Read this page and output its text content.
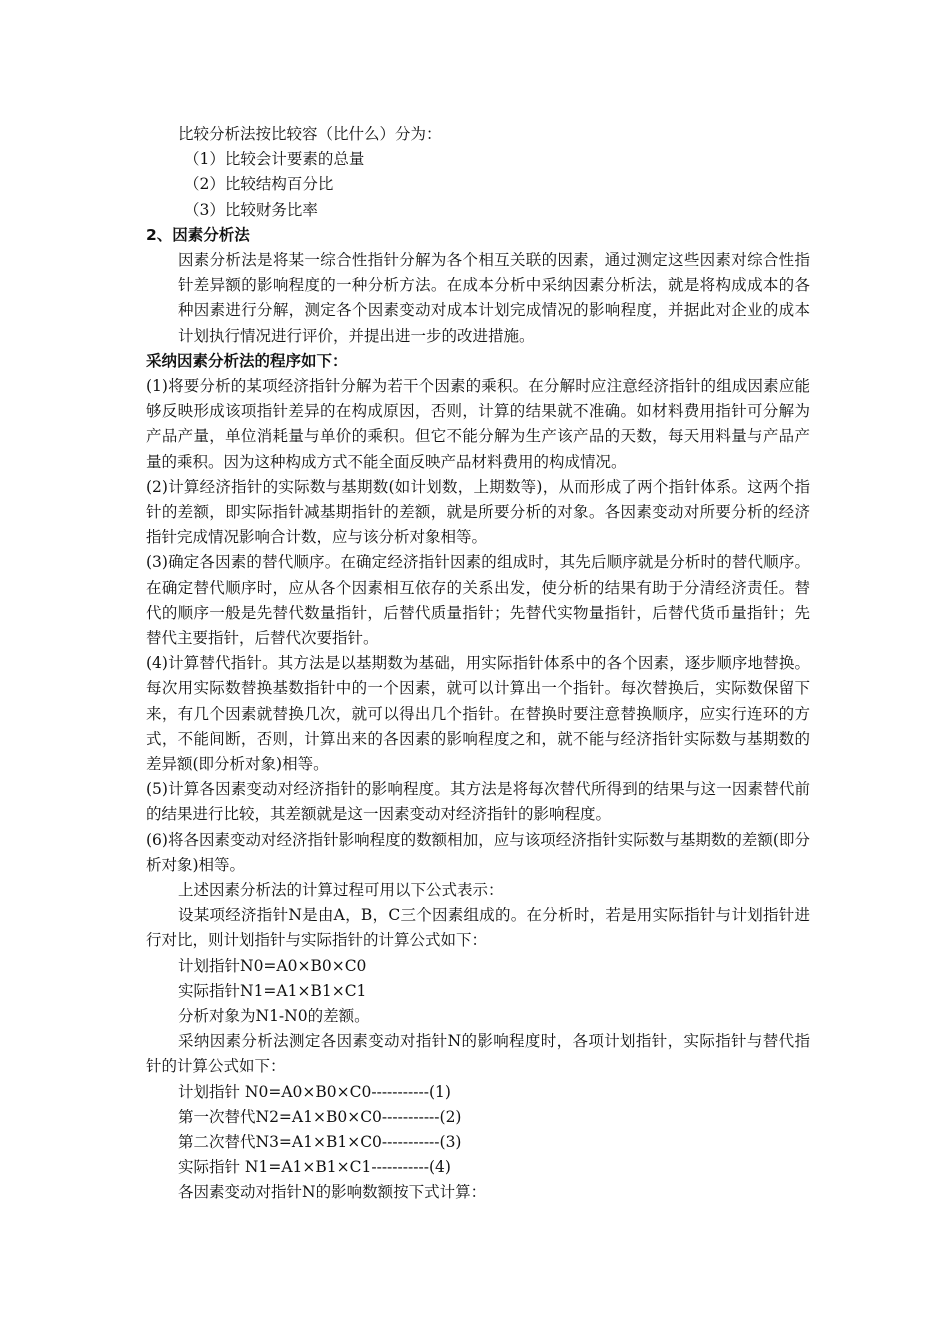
比较分析法按比较容（比什么）分为：
（1）比较会计要素的总量
（2）比较结构百分比
（3）比较财务比率
2、因素分析法
因素分析法是将某一综合性指针分解为各个相互关联的因素，通过测定这些因素对综合性指针差异额的影响程度的一种分析方法。在成本分析中采纳因素分析法，就是将构成成本的各种因素进行分解，测定各个因素变动对成本计划完成情况的影响程度，并据此对企业的成本计划执行情况进行评价，并提出进一步的改进措施。
采纳因素分析法的程序如下：
(1)将要分析的某项经济指针分解为若干个因素的乘积。在分解时应注意经济指针的组成因素应能够反映形成该项指针差异的在构成原因，否则，计算的结果就不准确。如材料费用指针可分解为产品产量，单位消耗量与单价的乘积。但它不能分解为生产该产品的天数，每天用料量与产品产量的乘积。因为这种构成方式不能全面反映产品材料费用的构成情况。
(2)计算经济指针的实际数与基期数(如计划数，上期数等)，从而形成了两个指针体系。这两个指针的差额，即实际指针减基期指针的差额，就是所要分析的对象。各因素变动对所要分析的经济指针完成情况影响合计数，应与该分析对象相等。
(3)确定各因素的替代顺序。在确定经济指针因素的组成时，其先后顺序就是分析时的替代顺序。在确定替代顺序时，应从各个因素相互依存的关系出发，使分析的结果有助于分清经济责任。替代的顺序一般是先替代数量指针，后替代质量指针；先替代实物量指针，后替代货币量指针；先替代主要指针，后替代次要指针。
(4)计算替代指针。其方法是以基期数为基础，用实际指针体系中的各个因素，逐步顺序地替换。每次用实际数替换基数指针中的一个因素，就可以计算出一个指针。每次替换后，实际数保留下来，有几个因素就替换几次，就可以得出几个指针。在替换时要注意替换顺序，应实行连环的方式，不能间断，否则，计算出来的各因素的影响程度之和，就不能与经济指针实际数与基期数的差异额(即分析对象)相等。
(5)计算各因素变动对经济指针的影响程度。其方法是将每次替代所得到的结果与这一因素替代前的结果进行比较，其差额就是这一因素变动对经济指针的影响程度。
(6)将各因素变动对经济指针影响程度的数额相加，应与该项经济指针实际数与基期数的差额(即分析对象)相等。
上述因素分析法的计算过程可用以下公式表示：
设某项经济指针N是由A，B，C三个因素组成的。在分析时，若是用实际指针与计划指针进行对比，则计划指针与实际指针的计算公式如下：
计划指针N0=A0×B0×C0
实际指针N1=A1×B1×C1
分析对象为N1-N0的差额。
采纳因素分析法测定各因素变动对指针N的影响程度时，各项计划指针，实际指针与替代指针的计算公式如下：
计划指针 N0=A0×B0×C0-----------(1)
第一次替代N2=A1×B0×C0-----------(2)
第二次替代N3=A1×B1×C0-----------(3)
实际指针 N1=A1×B1×C1-----------(4)
各因素变动对指针N的影响数额按下式计算：
